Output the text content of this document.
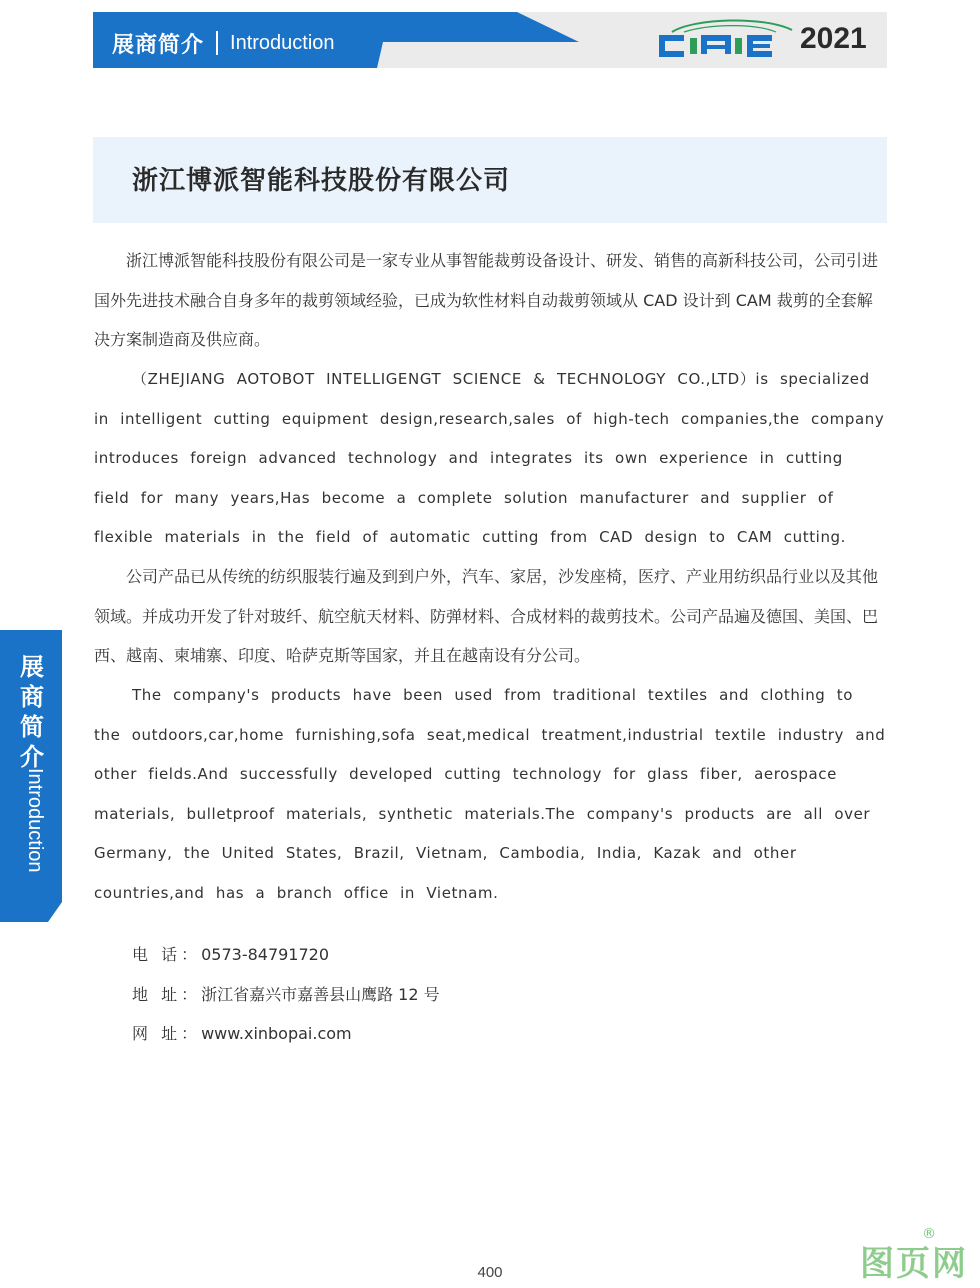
展商简介 Introduction	2021
浙江博派智能科技股份有限公司

浙江博派智能科技股份有限公司是一家专业从事智能裁剪设备设计、研发、销售的高新科技公司，公司引进国外先进技术融合自身多年的裁剪领域经验，已成为软性材料自动裁剪领域从 CAD 设计到 CAM 裁剪的全套解决方案制造商及供应商。

（ZHEJIANG AOTOBOT INTELLIGENGT SCIENCE & TECHNOLOGY CO.,LTD）is specialized in intelligent cutting equipment design,research,sales of high-tech companies,the company introduces foreign advanced technology and integrates its own experience in cutting field for many years,Has become a complete solution manufacturer and supplier of flexible materials in the field of automatic cutting from CAD design to CAM cutting.

公司产品已从传统的纺织服装行遍及到到户外，汽车、家居，沙发座椅，医疗、产业用纺织品行业以及其他领域。并成功开发了针对玻纤、航空航天材料、防弹材料、合成材料的裁剪技术。公司产品遍及德国、美国、巴西、越南、柬埔寨、印度、哈萨克斯等国家，并且在越南设有分公司。

The company's products have been used from traditional textiles and clothing to the outdoors,car,home furnishing,sofa seat,medical treatment,industrial textile industry and other fields.And successfully developed cutting technology for glass fiber, aerospace materials, bulletproof materials, synthetic materials.The company's products are all over Germany, the United States, Brazil, Vietnam, Cambodia, India, Kazak and other countries,and has a branch office in Vietnam.

电 话：0573-84791720
地 址：浙江省嘉兴市嘉善县山鹰路 12 号
网 址：www.xinbopai.com
展商简介
Introduction
400	图页网
®
